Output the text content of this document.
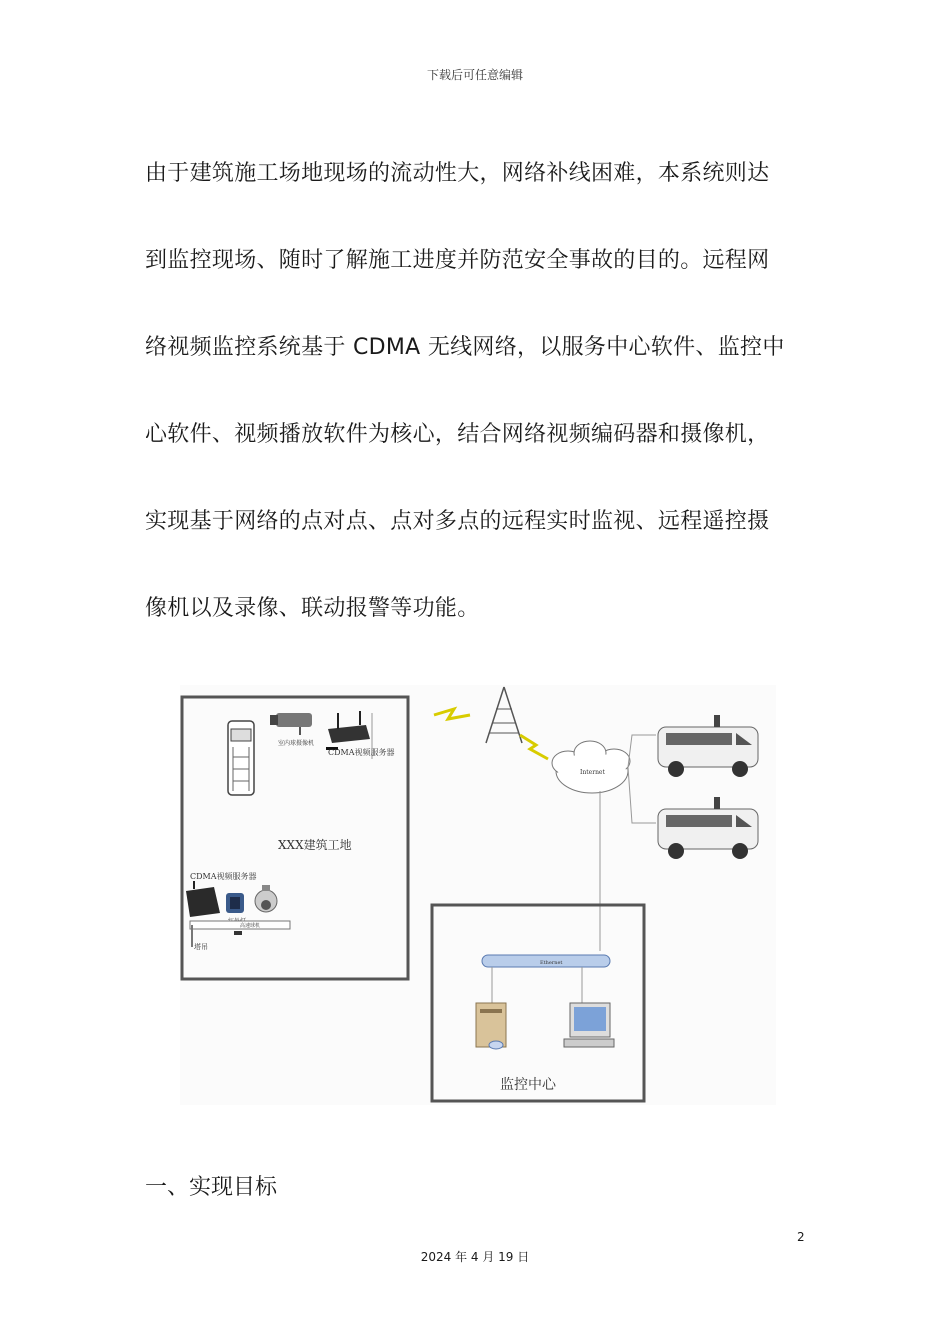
下载后可任意编辑
由于建筑施工场地现场的流动性大，网络补线困难，本系统则达
到监控现场、随时了解施工进度并防范安全事故的目的。远程网
络视频监控系统基于 CDMA 无线网络，以服务中心软件、监控中
心软件、视频播放软件为核心，结合网络视频编码器和摄像机，
实现基于网络的点对点、点对多点的远程实时监视、远程遥控摄
像机以及录像、联动报警等功能。
室内球摄像机
CDMA视频服务器
XXX建筑工地
CDMA视频服务器
高速球机
塔吊
Internet
Ethernet
监控中心
一、实现目标
2
2024 年 4 月 19 日
